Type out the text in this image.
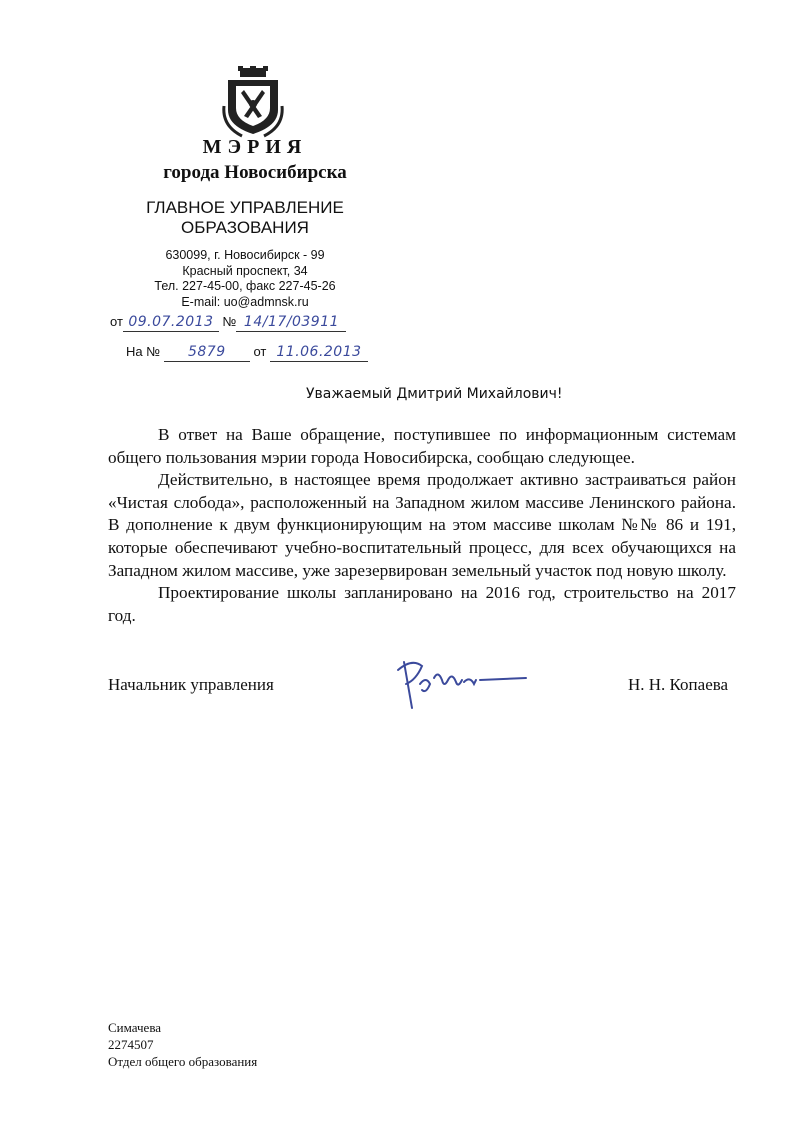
МЭРИЯ
города Новосибирска
ГЛАВНОЕ УПРАВЛЕНИЕ
ОБРАЗОВАНИЯ
630099, г. Новосибирск - 99
Красный проспект, 34
Тел. 227-45-00, факс 227-45-26
E-mail: uo@admnsk.ru
от 09.07.2013 № 14/17/03911
На № 5879 от 11.06.2013
Уважаемый Дмитрий Михайлович!

В ответ на Ваше обращение, поступившее по информационным системам общего пользования мэрии города Новосибирска, сообщаю следующее.

Действительно, в настоящее время продолжает активно застраиваться район «Чистая слобода», расположенный на Западном жилом массиве Ленинского района. В дополнение к двум функционирующим на этом массиве школам №№ 86 и 191, которые обеспечивают учебно-воспитательный процесс, для всех обучающихся на Западном жилом массиве, уже зарезервирован земельный участок под новую школу.

Проектирование школы запланировано на 2016 год, строительство на 2017 год.

Начальник управления	Н. Н. Копаева
Симачева
2274507
Отдел общего образования
